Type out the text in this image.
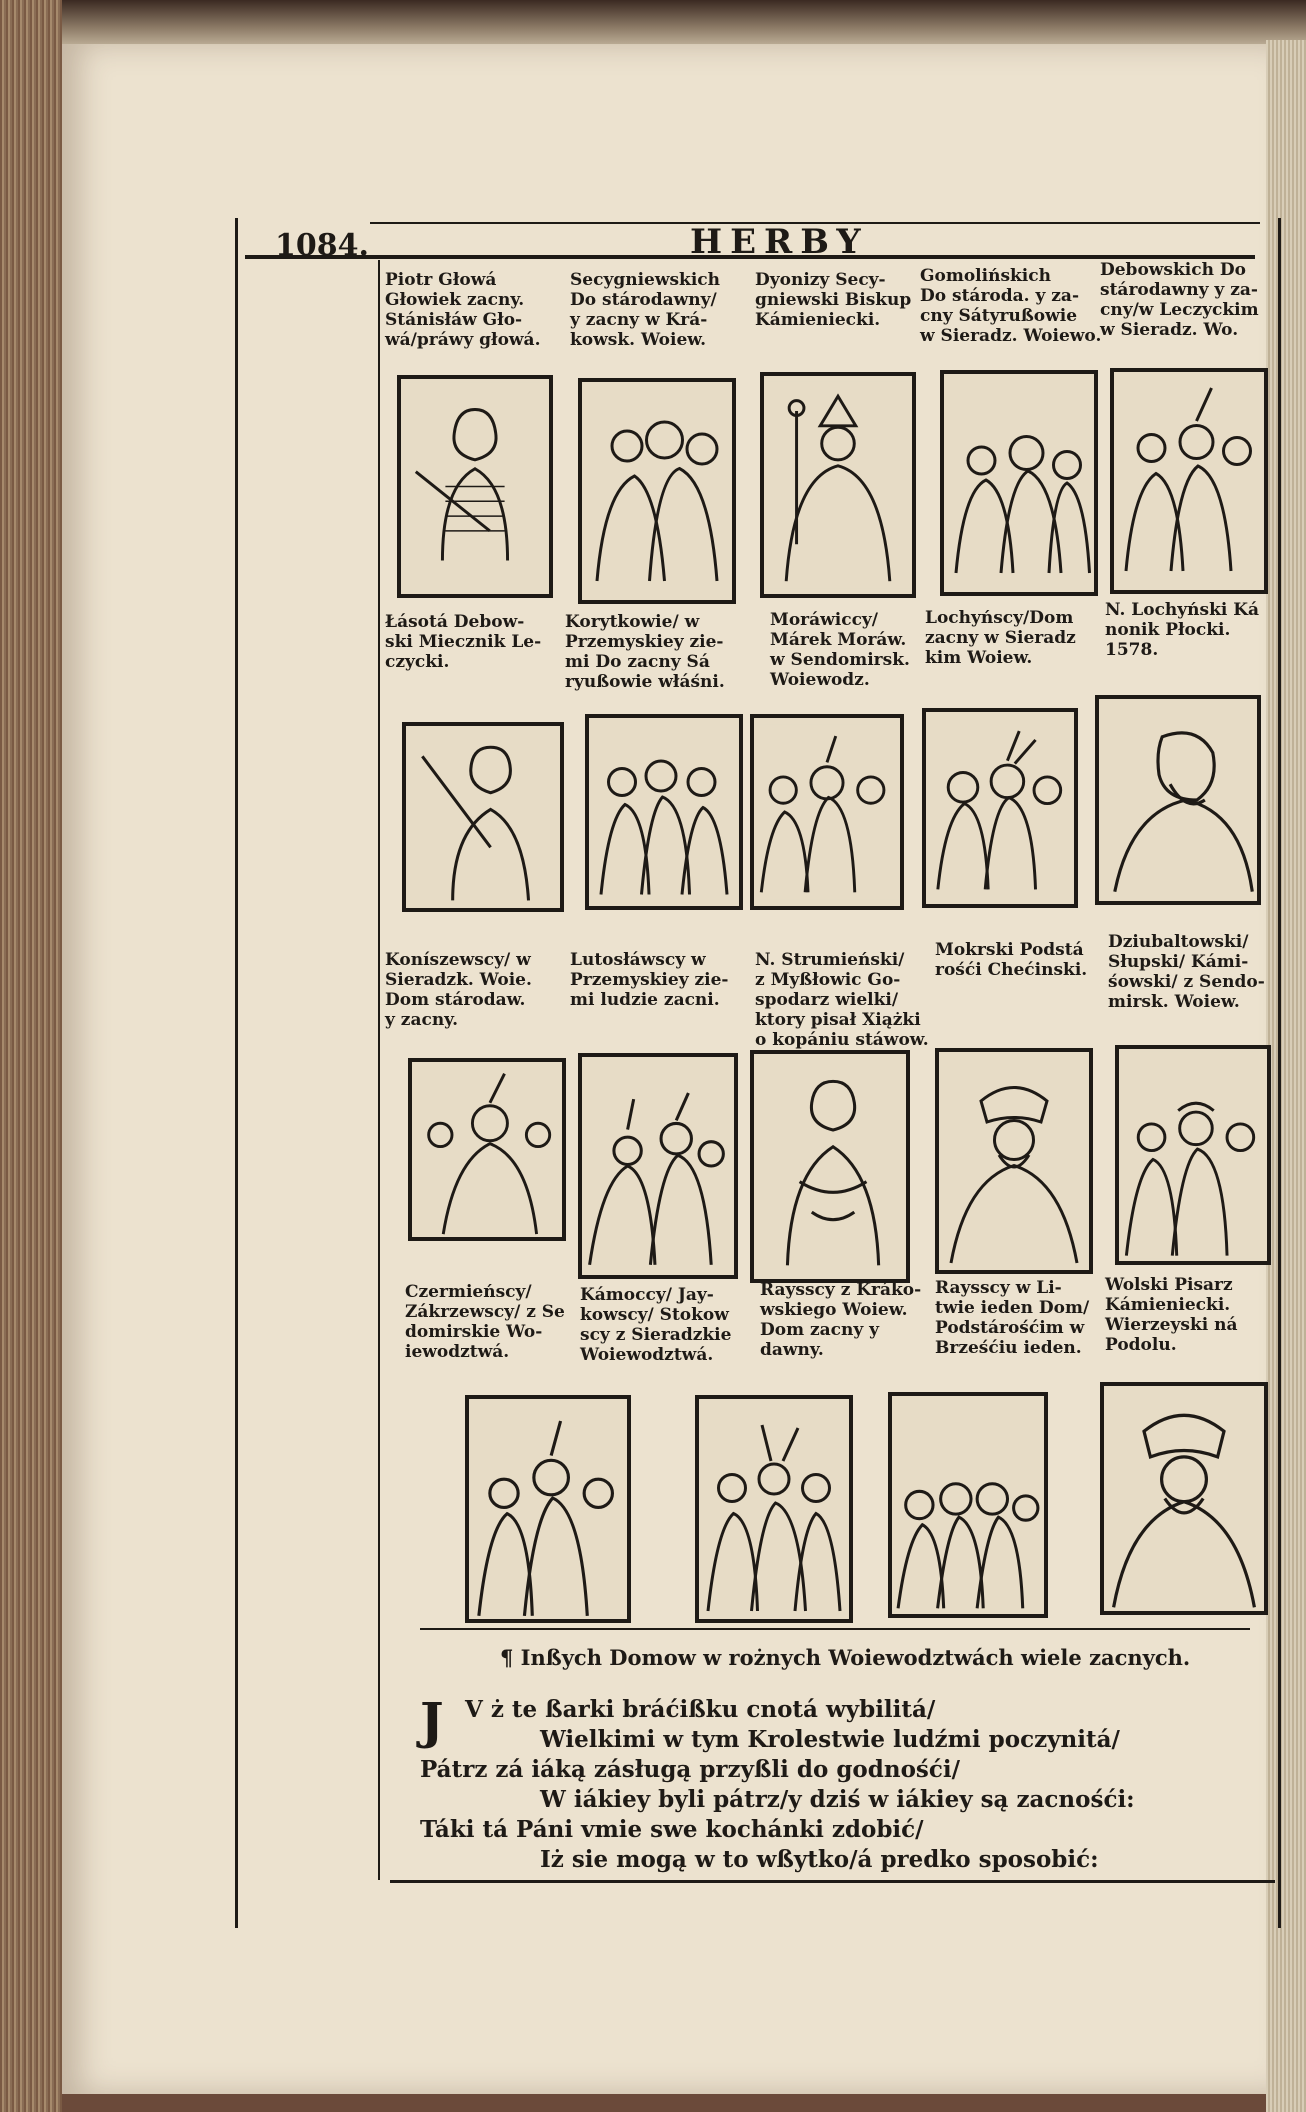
1084.	HERBY
Piotr Głowá
Głowiek zacny.
Stánisłáw Gło-
wá/práwy głowá.
Secygniewskich
Do stárodawny/
y zacny w Krá-
kowsk. Woiew.
Dyonizy Secy-
gniewski Biskup
Kámieniecki.
Gomolińskich
Do stároda. y za-
cny Sátyrußowie
w Sieradz. Woiewo.
Debowskich Do
stárodawny y za-
cny/w Leczyckim
w Sieradz. Wo.
Łásotá Debow-
ski Miecznik Le-
czycki.
Korytkowie/ w
Przemyskiey zie-
mi Do zacny Sá
ryußowie włáśni.
Moráwiccy/
Márek Moráw.
w Sendomirsk.
Woiewodz.
Lochyńscy/Dom
zacny w Sieradz
kim Woiew.
N. Lochyński Ká
nonik Płocki.
1578.
Koníszewscy/ w
Sieradzk. Woie.
Dom stárodaw.
y zacny.
Lutosłáwscy w
Przemyskiey zie-
mi ludzie zacni.
N. Strumieński/
z Myßłowic Go-
spodarz wielki/
ktory pisał Xiążki o kopániu stáwow.
Mokrski Podstá
rośći Chećinski.
Dziubaltowski/
Słupski/ Kámi-
śowski/ z Sendo-
mirsk. Woiew.
Czermieńscy/
Zákrzewscy/ z Se
domirskie Wo-
iewodztwá.
Kámoccy/ Jay-
kowscy/ Stokow
scy z Sieradzkie
Woiewodztwá.
Raysscy z Kráko-
wskiego Woiew.
Dom zacny y
dawny.
Raysscy w Li-
twie ieden Dom/
Podstárośćim w
Brześćiu ieden.
Wolski Pisarz
Kámieniecki.
Wierzeyski ná
Podolu.
¶ Inßych Domow w rożnych Woiewodztwách wiele zacnych.
J V ż te ßarki bráćißku cnotá wybilitá/
Wielkimi w tym Krolestwie ludźmi poczynitá/
Pátrz zá iáką zásługą przyßli do godnośći/
W iákiey byli pátrz/y dziś w iákiey są zacnośći:
Táki tá Páni vmie swe kochánki zdobić/
Iż sie mogą w to wßytko/á predko sposobić:
